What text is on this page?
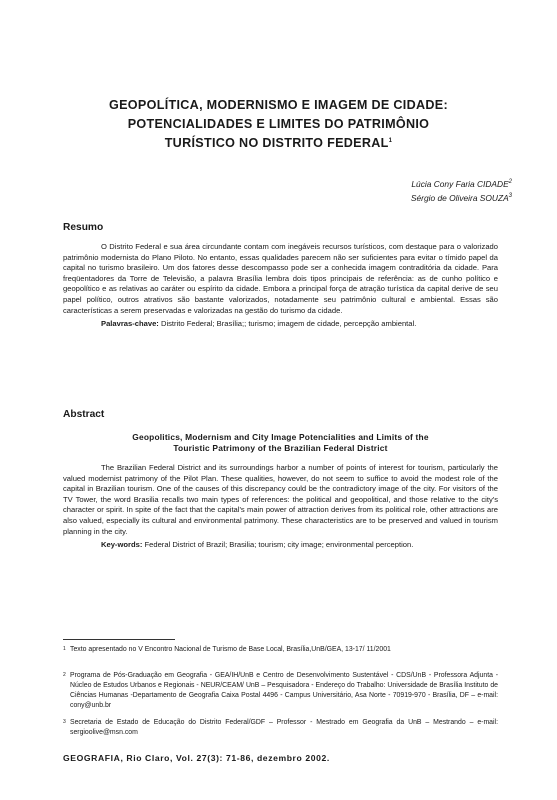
GEOPOLÍTICA, MODERNISMO E IMAGEM DE CIDADE:
POTENCIALIDADES E LIMITES DO PATRIMÔNIO
TURÍSTICO NO DISTRITO FEDERAL$^1$
Lúcia Cony Faria CIDADE$^2$
Sérgio de Oliveira SOUZA$^3$
Resumo

O Distrito Federal e sua área circundante contam com inegáveis recursos turísticos, com destaque para o valorizado patrimônio modernista do Plano Piloto. No entanto, essas qualidades parecem não ser suficientes para evitar o tímido papel da capital no turismo brasileiro. Um dos fatores desse descompasso pode ser a conhecida imagem contraditória da cidade. Para freqüentadores da Torre de Televisão, a palavra Brasília lembra dois tipos principais de referência: as de cunho político e geopolítico e as relativas ao caráter ou espírito da cidade. Embora a principal força de atração turística da capital derive de seu papel político, outros atrativos são bastante valorizados, notadamente seu patrimônio cultural e ambiental. Essas são características a serem preservadas e valorizadas na gestão do turismo da cidade.

Palavras-chave: Distrito Federal; Brasília;; turismo; imagem de cidade, percepção ambiental.

Abstract
Geopolitics, Modernism and City Image Potencialities and Limits of the
Touristic Patrimony of the Brazilian Federal District

The Brazilian Federal District and its surroundings harbor a number of points of interest for tourism, particularly the valued modernist patrimony of the Pilot Plan. These qualities, however, do not seem to suffice to avoid the modest role of the capital in Brazilian tourism. One of the causes of this discrepancy could be the contradictory image of the city. For visitors of the TV Tower, the word Brasilia recalls two main types of references: the political and geopolitical, and those relative to the city's character or spirit. In spite of the fact that the capital's main power of attraction derives from its political role, other attractions are also valued, especially its cultural and environmental patrimony. These characteristics are to be preserved and valued in tourism planning in the city.

Key-words: Federal District of Brazil; Brasilia; tourism; city image; environmental perception.

1 Texto apresentado no V Encontro Nacional de Turismo de Base Local, Brasília,UnB/GEA, 13-17/ 11/2001
2 Programa de Pós-Graduação em Geografia - GEA/IH/UnB e Centro de Desenvolvimento Sustentável - CDS/UnB - Professora Adjunta - Núcleo de Estudos Urbanos e Regionais - NEUR/CEAM/ UnB – Pesquisadora - Endereço do Trabalho: Universidade de Brasília Instituto de Ciências Humanas -Departamento de Geografia Caixa Postal 4496 - Campus Universitário, Asa Norte - 70919-970 - Brasília, DF – e-mail: cony@unb.br
3 Secretaria de Estado de Educação do Distrito Federal/GDF – Professor - Mestrado em Geografia da UnB – Mestrando – e-mail: sergioolive@msn.com
GEOGRAFIA, Rio Claro, Vol. 27(3): 71-86, dezembro 2002.
